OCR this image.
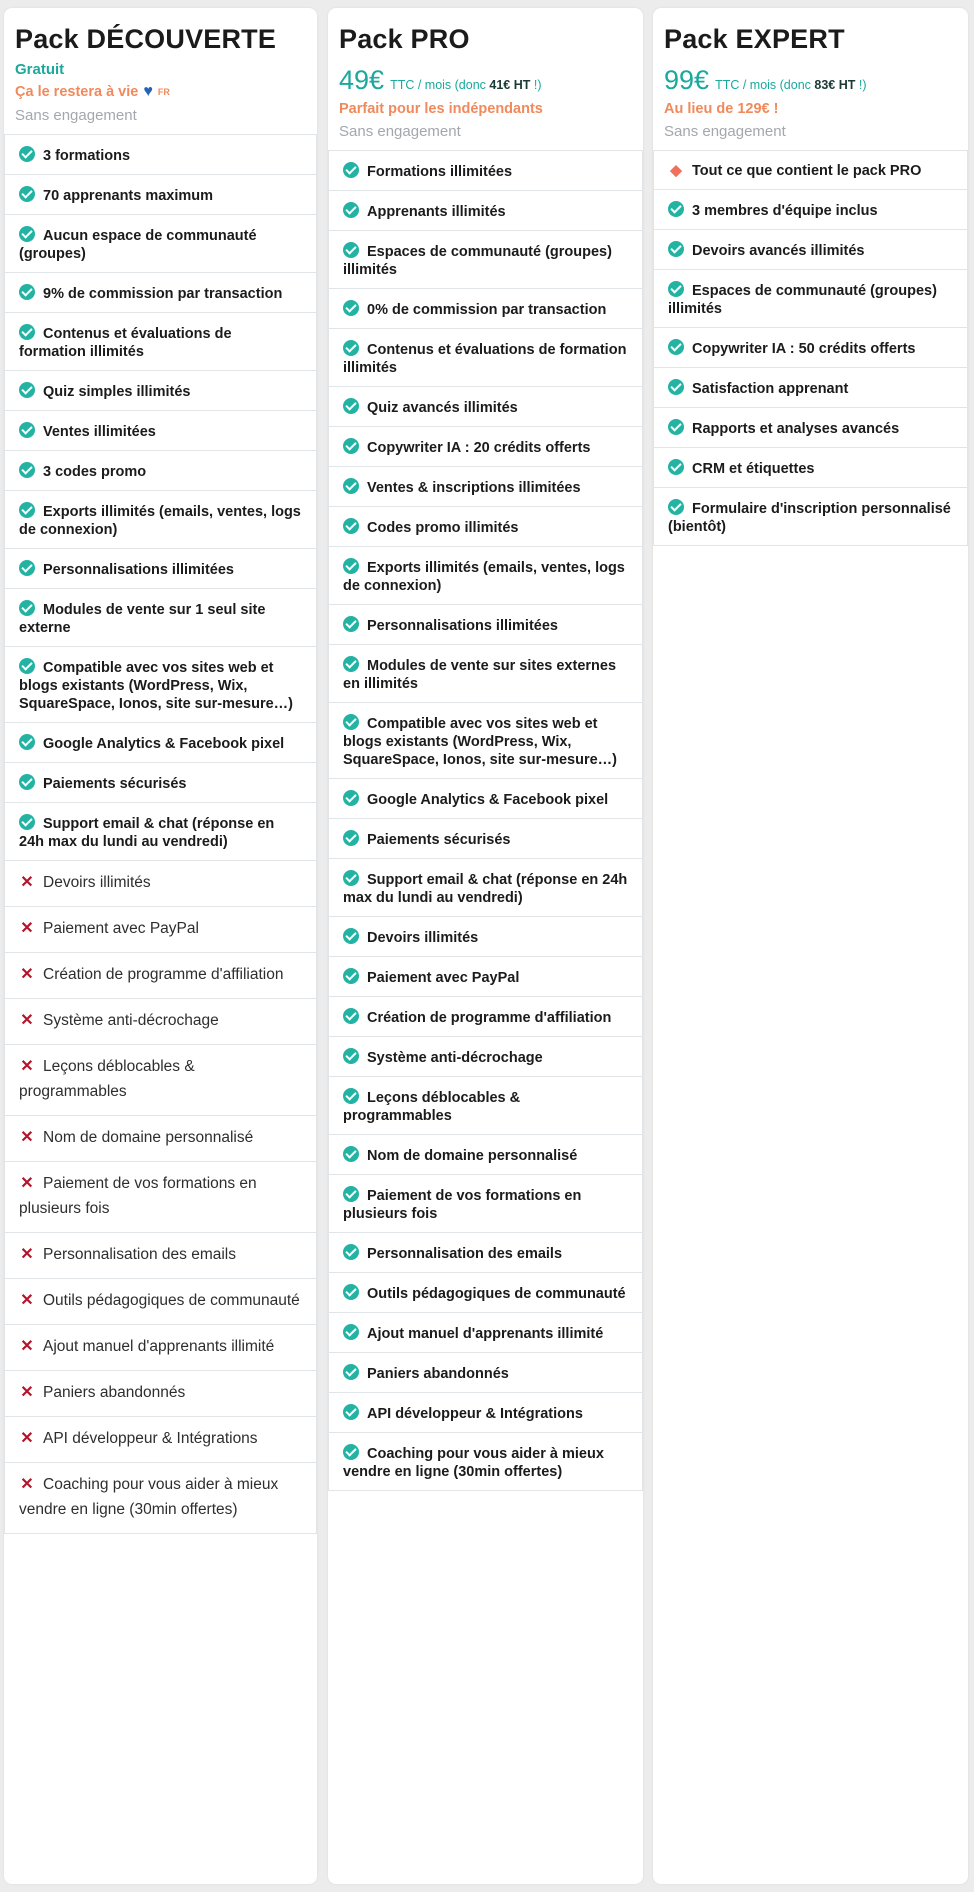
Pack DÉCOUVERTE
Gratuit
Ça le restera à vie ♥ FR
Sans engagement
3 formations
70 apprenants maximum
Aucun espace de communauté (groupes)
9% de commission par transaction
Contenus et évaluations de formation illimités
Quiz simples illimités
Ventes illimitées
3 codes promo
Exports illimités (emails, ventes, logs de connexion)
Personnalisations illimitées
Modules de vente sur 1 seul site externe
Compatible avec vos sites web et blogs existants (WordPress, Wix, SquareSpace, Ionos, site sur-mesure…)
Google Analytics & Facebook pixel
Paiements sécurisés
Support email & chat (réponse en 24h max du lundi au vendredi)
✕ Devoirs illimités
✕ Paiement avec PayPal
✕ Création de programme d'affiliation
✕ Système anti-décrochage
✕ Leçons déblocables & programmables
✕ Nom de domaine personnalisé
✕ Paiement de vos formations en plusieurs fois
✕ Personnalisation des emails
✕ Outils pédagogiques de communauté
✕ Ajout manuel d'apprenants illimité
✕ Paniers abandonnés
✕ API développeur & Intégrations
✕ Coaching pour vous aider à mieux vendre en ligne (30min offertes)
Pack PRO
49€ TTC / mois (donc 41€ HT !)
Parfait pour les indépendants
Sans engagement
Formations illimitées
Apprenants illimités
Espaces de communauté (groupes) illimités
0% de commission par transaction
Contenus et évaluations de formation illimités
Quiz avancés illimités
Copywriter IA : 20 crédits offerts
Ventes & inscriptions illimitées
Codes promo illimités
Exports illimités (emails, ventes, logs de connexion)
Personnalisations illimitées
Modules de vente sur sites externes en illimités
Compatible avec vos sites web et blogs existants (WordPress, Wix, SquareSpace, Ionos, site sur-mesure…)
Google Analytics & Facebook pixel
Paiements sécurisés
Support email & chat (réponse en 24h max du lundi au vendredi)
Devoirs illimités
Paiement avec PayPal
Création de programme d'affiliation
Système anti-décrochage
Leçons déblocables & programmables
Nom de domaine personnalisé
Paiement de vos formations en plusieurs fois
Personnalisation des emails
Outils pédagogiques de communauté
Ajout manuel d'apprenants illimité
Paniers abandonnés
API développeur & Intégrations
Coaching pour vous aider à mieux vendre en ligne (30min offertes)
Pack EXPERT
99€ TTC / mois (donc 83€ HT !)
Au lieu de 129€ !
Sans engagement
◆ Tout ce que contient le pack PRO
3 membres d'équipe inclus
Devoirs avancés illimités
Espaces de communauté (groupes) illimités
Copywriter IA : 50 crédits offerts
Satisfaction apprenant
Rapports et analyses avancés
CRM et étiquettes
Formulaire d'inscription personnalisé (bientôt)
